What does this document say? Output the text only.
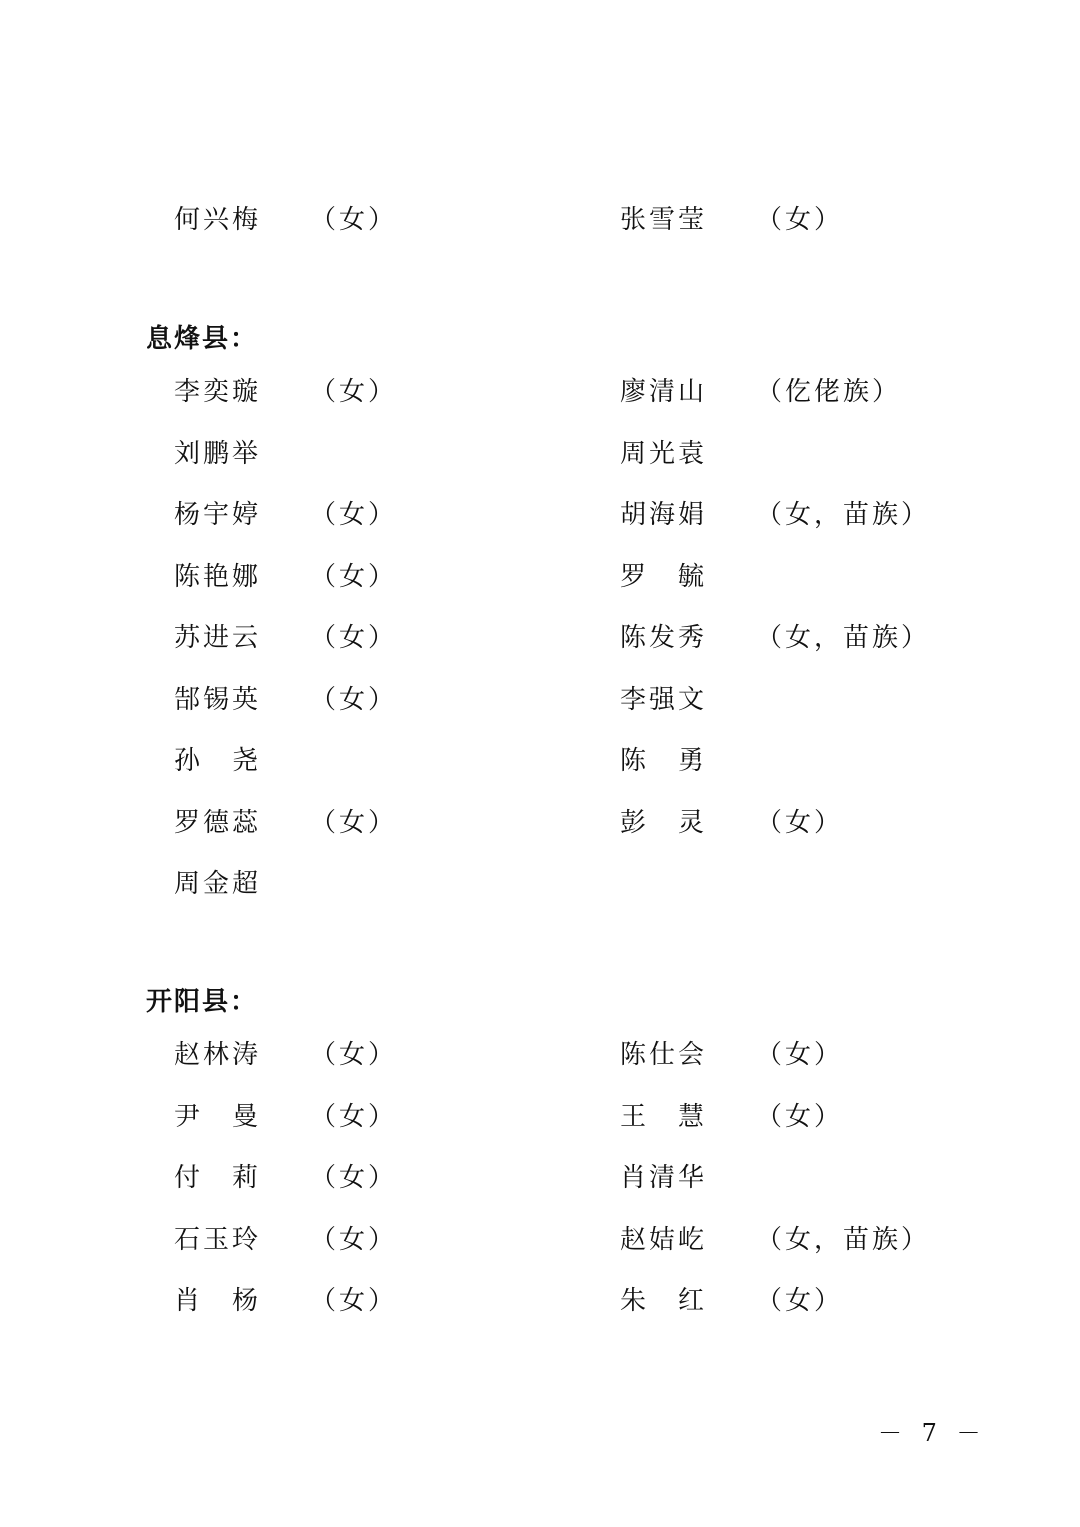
何兴梅 （女）	张雪莹 （女）
息烽县：
李奕璇 （女）	廖清山 （仡佬族）
刘鹏举	周光袁
杨宇婷 （女）	胡海娟 （女，苗族）
陈艳娜 （女）	罗毓
苏进云 （女）	陈发秀 （女，苗族）
郜锡英 （女）	李强文
孙尧	陈勇
罗德蕊 （女）	彭灵 （女）
周金超
开阳县：
赵林涛 （女）	陈仕会 （女）
尹曼 （女）	王慧 （女）
付莉 （女）	肖清华
石玉玲 （女）	赵姞屹 （女，苗族）
肖杨 （女）	朱红 （女）
－ 7 －
